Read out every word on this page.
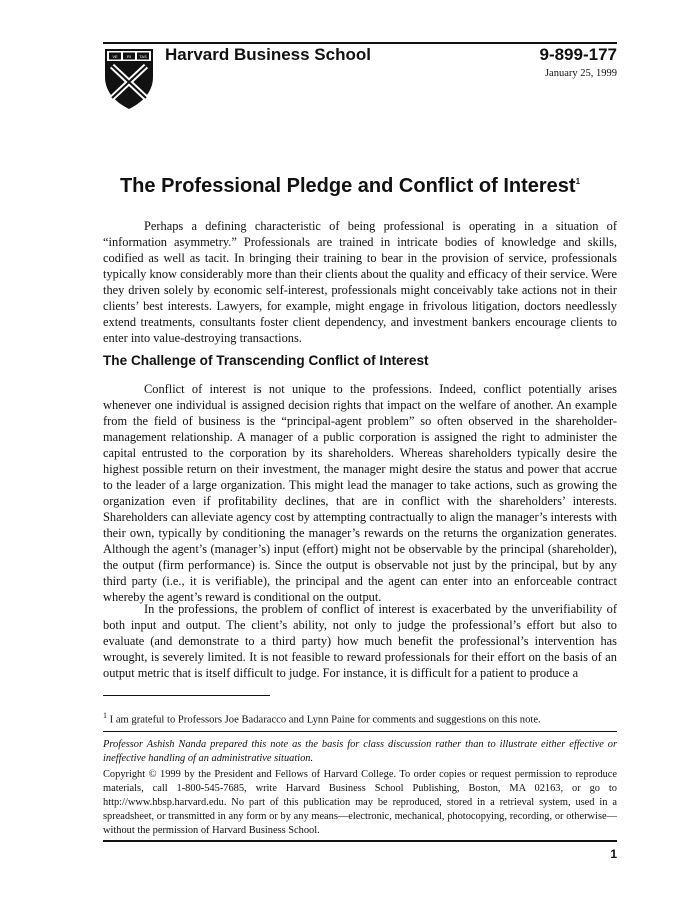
VE RI TAS Harvard Business School	9-899-177
January 25, 1999
The Professional Pledge and Conflict of Interest$^1$

Perhaps a defining characteristic of being professional is operating in a situation of “information asymmetry.” Professionals are trained in intricate bodies of knowledge and skills, codified as well as tacit. In bringing their training to bear in the provision of service, professionals typically know considerably more than their clients about the quality and efficacy of their service. Were they driven solely by economic self-interest, professionals might conceivably take actions not in their clients’ best interests. Lawyers, for example, might engage in frivolous litigation, doctors needlessly extend treatments, consultants foster client dependency, and investment bankers encourage clients to enter into value-destroying transactions.

The Challenge of Transcending Conflict of Interest

Conflict of interest is not unique to the professions. Indeed, conflict potentially arises whenever one individual is assigned decision rights that impact on the welfare of another. An example from the field of business is the “principal-agent problem” so often observed in the shareholder-management relationship. A manager of a public corporation is assigned the right to administer the capital entrusted to the corporation by its shareholders. Whereas shareholders typically desire the highest possible return on their investment, the manager might desire the status and power that accrue to the leader of a large organization. This might lead the manager to take actions, such as growing the organization even if profitability declines, that are in conflict with the shareholders’ interests. Shareholders can alleviate agency cost by attempting contractually to align the manager’s interests with their own, typically by conditioning the manager’s rewards on the returns the organization generates. Although the agent’s (manager’s) input (effort) might not be observable by the principal (shareholder), the output (firm performance) is. Since the output is observable not just by the principal, but by any third party (i.e., it is verifiable), the principal and the agent can enter into an enforceable contract whereby the agent’s reward is conditional on the output.

In the professions, the problem of conflict of interest is exacerbated by the unverifiability of both input and output. The client’s ability, not only to judge the professional’s effort but also to evaluate (and demonstrate to a third party) how much benefit the professional’s intervention has wrought, is severely limited. It is not feasible to reward professionals for their effort on the basis of an output metric that is itself difficult to judge. For instance, it is difficult for a patient to produce a

$^1$ I am grateful to Professors Joe Badaracco and Lynn Paine for comments and suggestions on this note.
Professor Ashish Nanda prepared this note as the basis for class discussion rather than to illustrate either effective or ineffective handling of an administrative situation.
Copyright © 1999 by the President and Fellows of Harvard College. To order copies or request permission to reproduce materials, call 1-800-545-7685, write Harvard Business School Publishing, Boston, MA 02163, or go to http://www.hbsp.harvard.edu. No part of this publication may be reproduced, stored in a retrieval system, used in a spreadsheet, or transmitted in any form or by any means—electronic, mechanical, photocopying, recording, or otherwise—without the permission of Harvard Business School.
1
